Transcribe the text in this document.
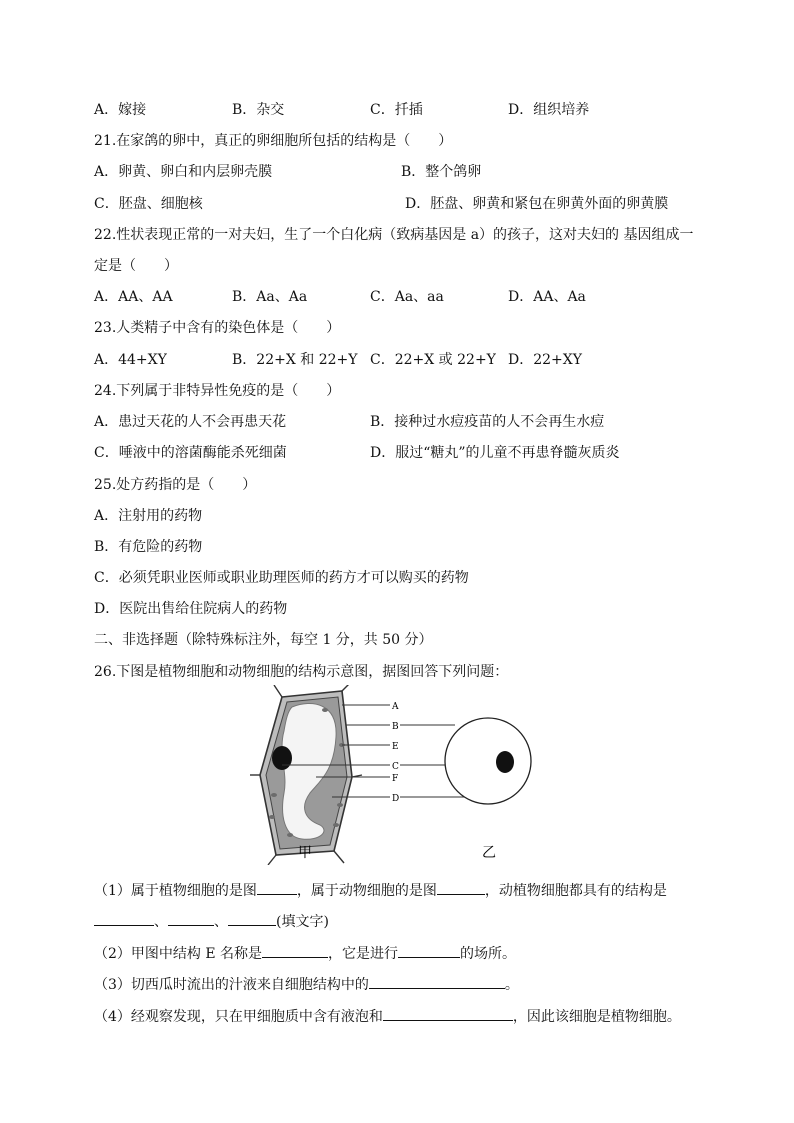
A．嫁接	B．杂交	C．扦插	D．组织培养
21.在家鸽的卵中，真正的卵细胞所包括的结构是（　　）
A．卵黄、卵白和内层卵壳膜	B．整个鸽卵
C．胚盘、细胞核	D．胚盘、卵黄和紧包在卵黄外面的卵黄膜
22.性状表现正常的一对夫妇，生了一个白化病（致病基因是 a）的孩子，这对夫妇的 基因组成一
定是（　　）
A．AA、AA	B．Aa、Aa	C．Aa、aa	D．AA、Aa
23.人类精子中含有的染色体是（　　）
A．44+XY	B．22+X 和 22+Y C．22+X 或 22+Y D．22+XY
24.下列属于非特异性免疫的是（　　）
A．患过天花的人不会再患天花	B．接种过水痘疫苗的人不会再生水痘
C．唾液中的溶菌酶能杀死细菌	D．服过“糖丸”的儿童不再患脊髓灰质炎
25.处方药指的是（　　）
A．注射用的药物
B．有危险的药物
C．必须凭职业医师或职业助理医师的药方才可以购买的药物
D．医院出售给住院病人的药物
二、非选择题（除特殊标注外，每空 1 分，共 50 分）
26.下图是植物细胞和动物细胞的结构示意图，据图回答下列问题：
A
B
E
C
F
D
甲	乙
（1）属于植物细胞的是图	，属于动物细胞的是图	，动植物细胞都具有的结构是
、	、	(填文字)
（2）甲图中结构 E 名称是	，它是进行	的场所。
（3）切西瓜时流出的汁液来自细胞结构中的	。
（4）经观察发现，只在甲细胞质中含有液泡和	，因此该细胞是植物细胞。
